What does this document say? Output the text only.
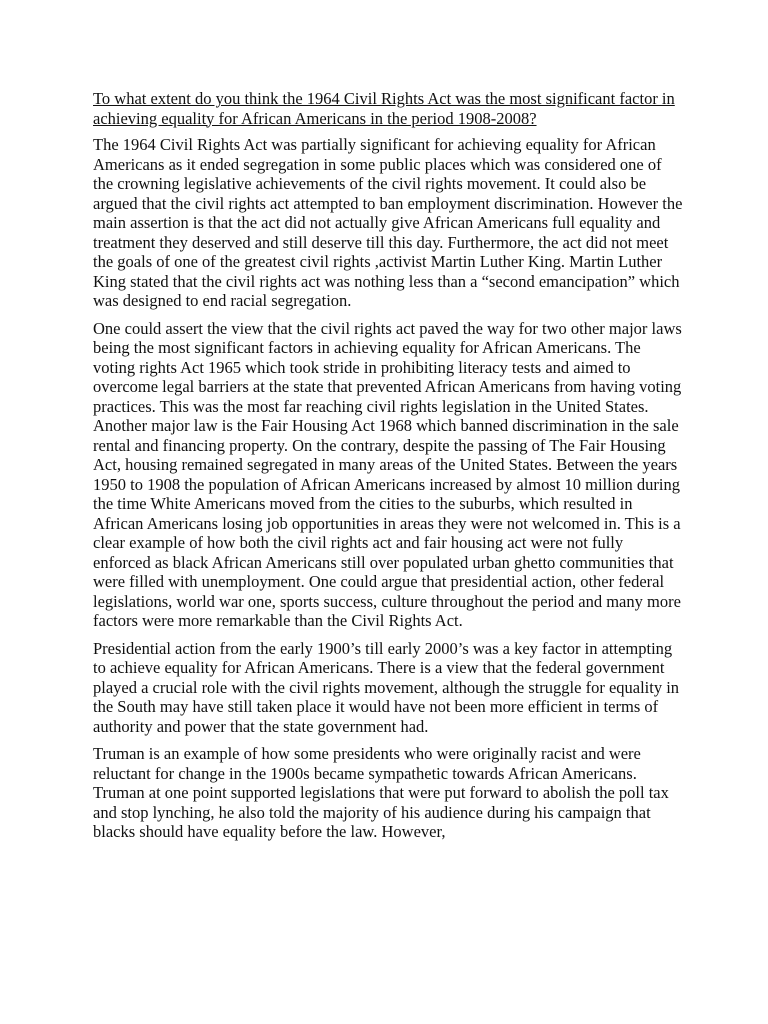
To what extent do you think the 1964 Civil Rights Act was the most significant factor in achieving equality for African Americans in the period 1908-2008?

The 1964 Civil Rights Act was partially significant for achieving equality for African Americans as it ended segregation in some public places which was considered one of the crowning legislative achievements of the civil rights movement. It could also be argued that the civil rights act attempted to ban employment discrimination. However the main assertion is that the act did not actually give African Americans full equality and treatment they deserved and still deserve till this day. Furthermore, the act did not meet the goals of one of the greatest civil rights ,activist Martin Luther King. Martin Luther King stated that the civil rights act was nothing less than a “second emancipation” which was designed to end racial segregation.

One could assert the view that the civil rights act paved the way for two other major laws being the most significant factors in achieving equality for African Americans. The voting rights Act 1965 which took stride in prohibiting literacy tests and aimed to overcome legal barriers at the state that prevented African Americans from having voting practices. This was the most far reaching civil rights legislation in the United States. Another major law is the Fair Housing Act 1968 which banned discrimination in the sale rental and financing property. On the contrary, despite the passing of The Fair Housing Act, housing remained segregated in many areas of the United States. Between the years 1950 to 1908 the population of African Americans increased by almost 10 million during the time White Americans moved from the cities to the suburbs, which resulted in African Americans losing job opportunities in areas they were not welcomed in. This is a clear example of how both the civil rights act and fair housing act were not fully enforced as black African Americans still over populated urban ghetto communities that were filled with unemployment. One could argue that presidential action, other federal legislations, world war one, sports success, culture throughout the period and many more factors were more remarkable than the Civil Rights Act.

Presidential action from the early 1900’s till early 2000’s was a key factor in attempting to achieve equality for African Americans. There is a view that the federal government played a crucial role with the civil rights movement, although the struggle for equality in the South may have still taken place it would have not been more efficient in terms of authority and power that the state government had.

Truman is an example of how some presidents who were originally racist and were reluctant for change in the 1900s became sympathetic towards African Americans. Truman at one point supported legislations that were put forward to abolish the poll tax and stop lynching, he also told the majority of his audience during his campaign that blacks should have equality before the law. However,
